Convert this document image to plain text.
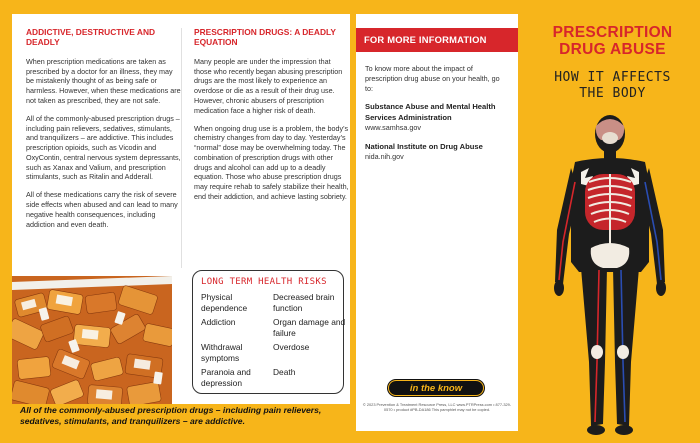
ADDICTIVE, DESTRUCTIVE AND DEADLY

When prescription medications are taken as prescribed by a doctor for an illness, they may be mistakenly thought of as being safe or harmless. However, when these medications are not taken as prescribed, they are not safe.

All of the commonly-abused prescription drugs – including pain relievers, sedatives, stimulants, and tranquilizers – are addictive. This includes prescription opioids, such as Vicodin and OxyContin, central nervous system depressants, such as Xanax and Valium, and prescription stimulants, such as Ritalin and Adderall.

All of these medications carry the risk of severe side effects when abused and can lead to many negative health consequences, including addiction and even death.

PRESCRIPTION DRUGS: A DEADLY EQUATION

Many people are under the impression that those who recently began abusing prescription drugs are the most likely to experience an overdose or die as a result of their drug use. However, chronic abusers of prescription medication face a higher risk of death.

When ongoing drug use is a problem, the body’s chemistry changes from day to day. Yesterday’s “normal” dose may be overwhelming today. The combination of prescription drugs with other drugs and alcohol can add up to a deadly equation. Those who abuse prescription drugs may require rehab to safely stabilize their health, end their addiction, and achieve lasting sobriety.

LONG TERM HEALTH RISKS
Physical dependence
Decreased brain function
Addiction	Organ damage and failure
Withdrawal symptoms
Overdose
Paranoia and depression
Death
All of the commonly-abused prescription drugs – including pain relievers, sedatives, stimulants, and tranquilizers – are addictive.
FOR MORE INFORMATION

To know more about the impact of prescription drug abuse on your health, go to:

Substance Abuse and Mental Health Services Administration
www.samhsa.gov

National Institute on Drug Abuse
nida.nih.gov

in the know
© 2023 Prevention & Treatment Resource Press, LLC www.PTRPress.com • 877-329-0570 • product #PB-DA186 This pamphlet may not be copied.
PRESCRIPTION
DRUG ABUSE
HOW IT AFFECTS
THE BODY
